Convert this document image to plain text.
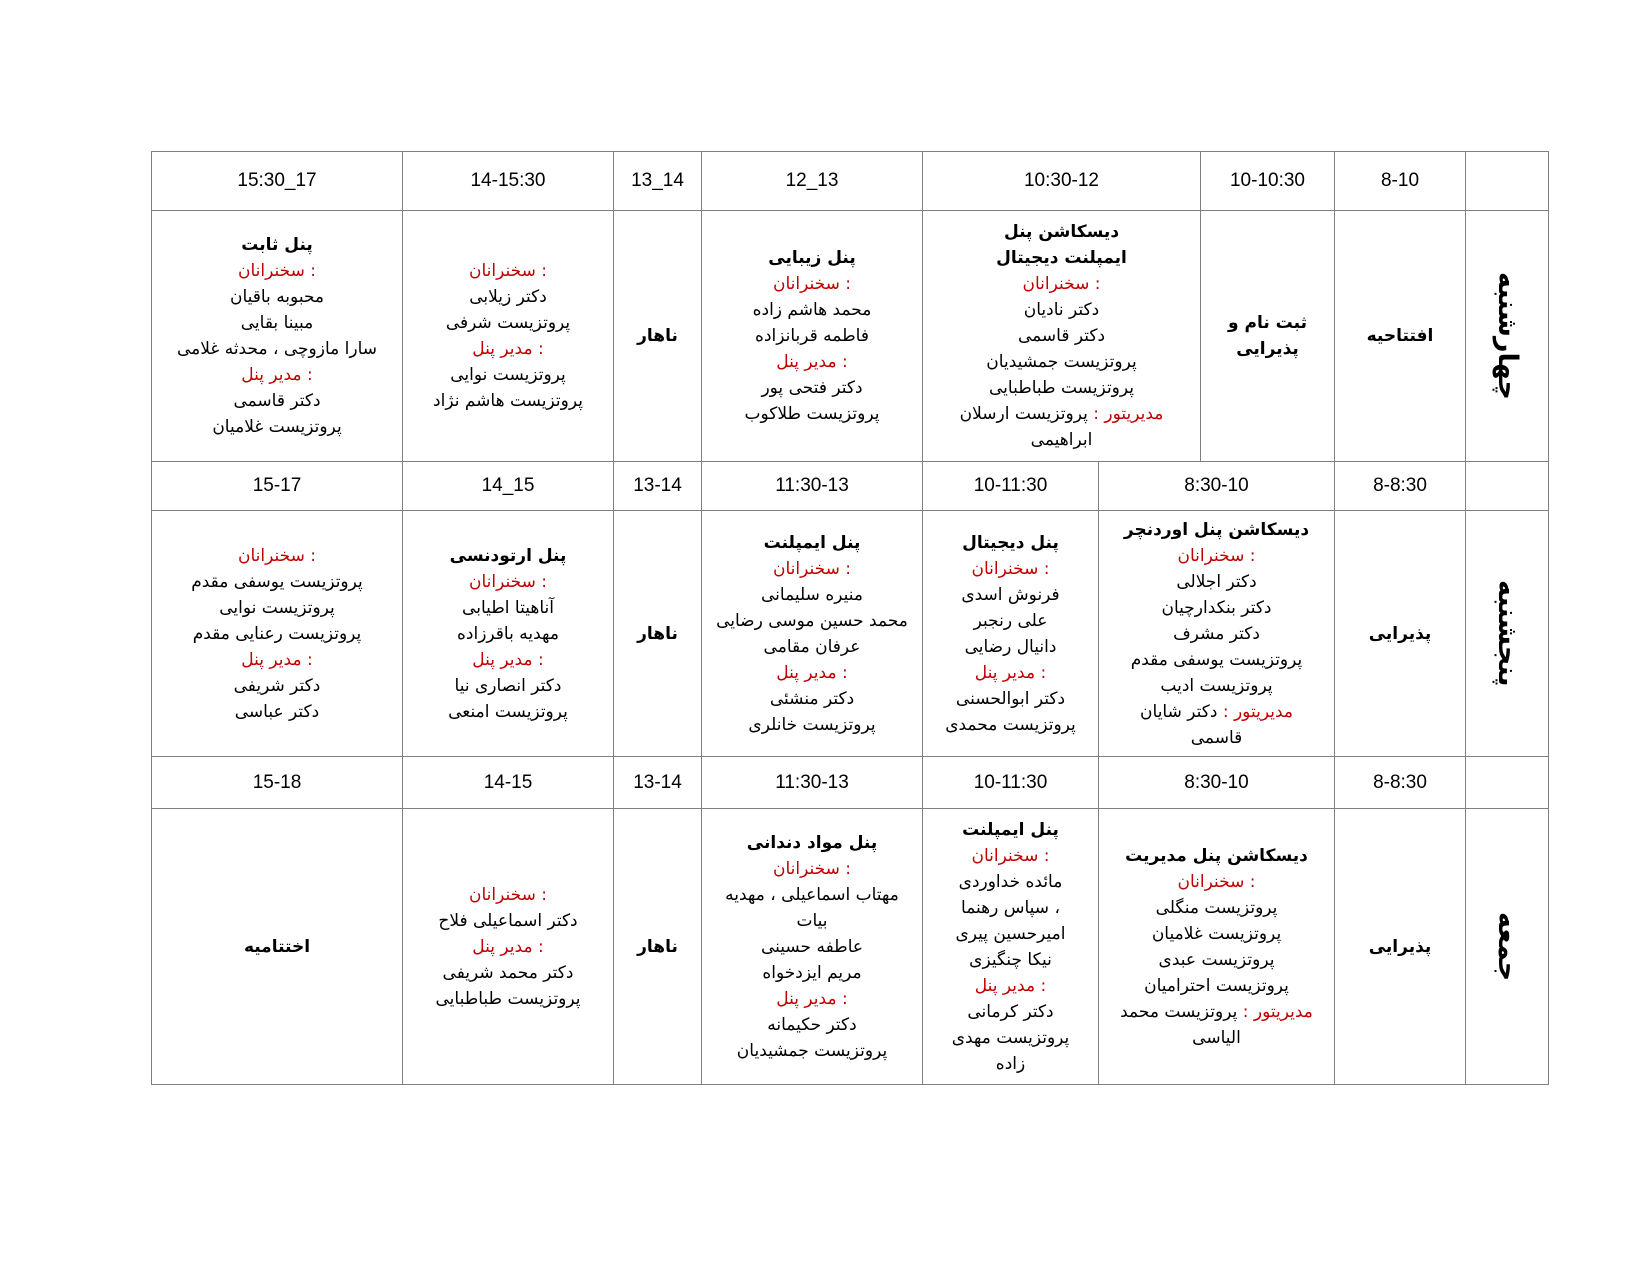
چهارشنبه
8-10
10-10:30
10:30-12
12_13
13_14
14-15:30
15:30_17
افتتاحیه
ثبت نام و
پذیرایی
دیسکاشن پنل
ایمپلنت دیجیتال
سخنرانان :
دکتر نادیان
دکتر قاسمی
پروتزیست جمشیدیان
پروتزیست طباطبایی
مدیریتور : پروتزیست ارسلان
ابراهیمی
پنل زیبایی
سخنرانان :
محمد هاشم زاده
فاطمه قربانزاده
مدیر پنل :
دکتر فتحی پور
پروتزیست طلاکوب
ناهار
سخنرانان :
دکتر زیلابی
پروتزیست شرفی
مدیر پنل :
پروتزیست نوایی
پروتزیست هاشم نژاد
پنل ثابت
سخنرانان :
محبوبه باقیان
مبینا بقایی
سارا مازوچی ، محدثه غلامی
مدیر پنل :
دکتر قاسمی
پروتزیست غلامیان
پنجشنبه
8-8:30
8:30-10
10-11:30
11:30-13
13-14
14_15
15-17
پذیرایی
دیسکاشن پنل اوردنچر
سخنرانان :
دکتر اجلالی
دکتر بنکدارچیان
دکتر مشرف
پروتزیست یوسفی مقدم
پروتزیست ادیب
مدیریتور : دکتر شایان
قاسمی
پنل دیجیتال
سخنرانان :
فرنوش اسدی
علی رنجبر
دانیال رضایی
مدیر پنل :
دکتر ابوالحسنی
پروتزیست محمدی
پنل ایمپلنت
سخنرانان :
منیره سلیمانی
محمد حسین موسی رضایی
عرفان مقامی
مدیر پنل :
دکتر منشئی
پروتزیست خانلری
ناهار
پنل ارتودنسی
سخنرانان :
آناهیتا اطیابی
مهدیه باقرزاده
مدیر پنل :
دکتر انصاری نیا
پروتزیست امنعی
سخنرانان :
پروتزیست یوسفی مقدم
پروتزیست نوایی
پروتزیست رعنایی مقدم
مدیر پنل :
دکتر شریفی
دکتر عباسی
جمعه
8-8:30
8:30-10
10-11:30
11:30-13
13-14
14-15
15-18
پذیرایی
دیسکاشن پنل مدیریت
سخنرانان :
پروتزیست منگلی
پروتزیست غلامیان
پروتزیست عبدی
پروتزیست احترامیان
مدیریتور : پروتزیست محمد
الیاسی
پنل ایمپلنت
سخنرانان :
مائده خداوردی
سپاس رهنما ،
امیرحسین پیری
نیکا چنگیزی
مدیر پنل :
دکتر کرمانی
پروتزیست مهدی
زاده
پنل مواد دندانی
سخنرانان :
مهتاب اسماعیلی ، مهدیه
بیات
عاطفه حسینی
مریم ایزدخواه
مدیر پنل :
دکتر حکیمانه
پروتزیست جمشیدیان
ناهار
سخنرانان :
دکتر اسماعیلی فلاح
مدیر پنل :
دکتر محمد شریفی
پروتزیست طباطبایی
اختتامیه
